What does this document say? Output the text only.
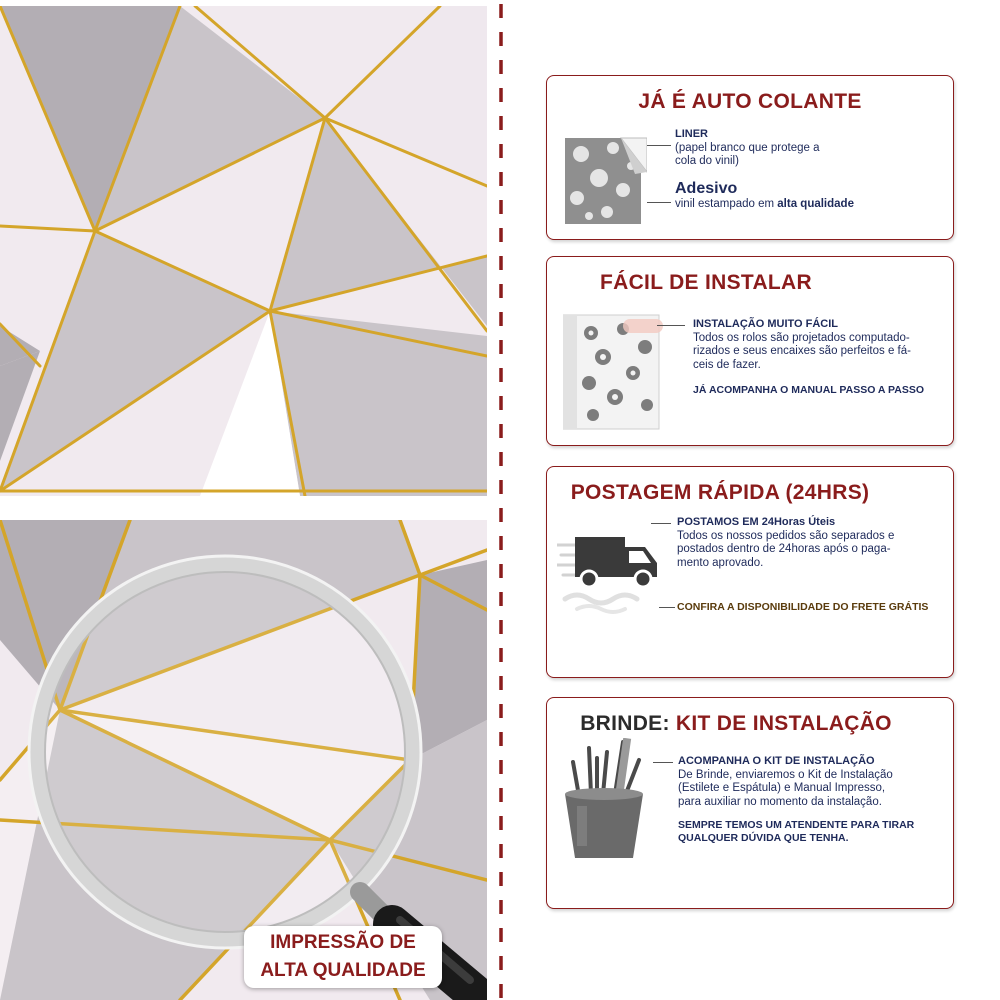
JÁ É AUTO COLANTE
LINER
(papel branco que protege a
cola do vinil)
Adesivo
vinil estampado em alta qualidade
FÁCIL DE INSTALAR
INSTALAÇÃO MUITO FÁCIL
Todos os rolos são projetados computado-
rizados e seus encaixes são perfeitos e fá-
ceis de fazer.
JÁ ACOMPANHA O MANUAL PASSO A PASSO
POSTAGEM RÁPIDA (24HRS)
POSTAMOS EM 24Horas Úteis
Todos os nossos pedidos são separados e
postados dentro de 24horas após o paga-
mento aprovado.
CONFIRA A DISPONIBILIDADE DO FRETE GRÁTIS
BRINDE: KIT DE INSTALAÇÃO
ACOMPANHA O KIT DE INSTALAÇÃO
De Brinde, enviaremos o Kit de Instalação
(Estilete e Espátula) e Manual Impresso,
para auxiliar no momento da instalação.
SEMPRE TEMOS UM ATENDENTE PARA TIRAR
QUALQUER DÚVIDA QUE TENHA.
IMPRESSÃO DE
ALTA QUALIDADE
